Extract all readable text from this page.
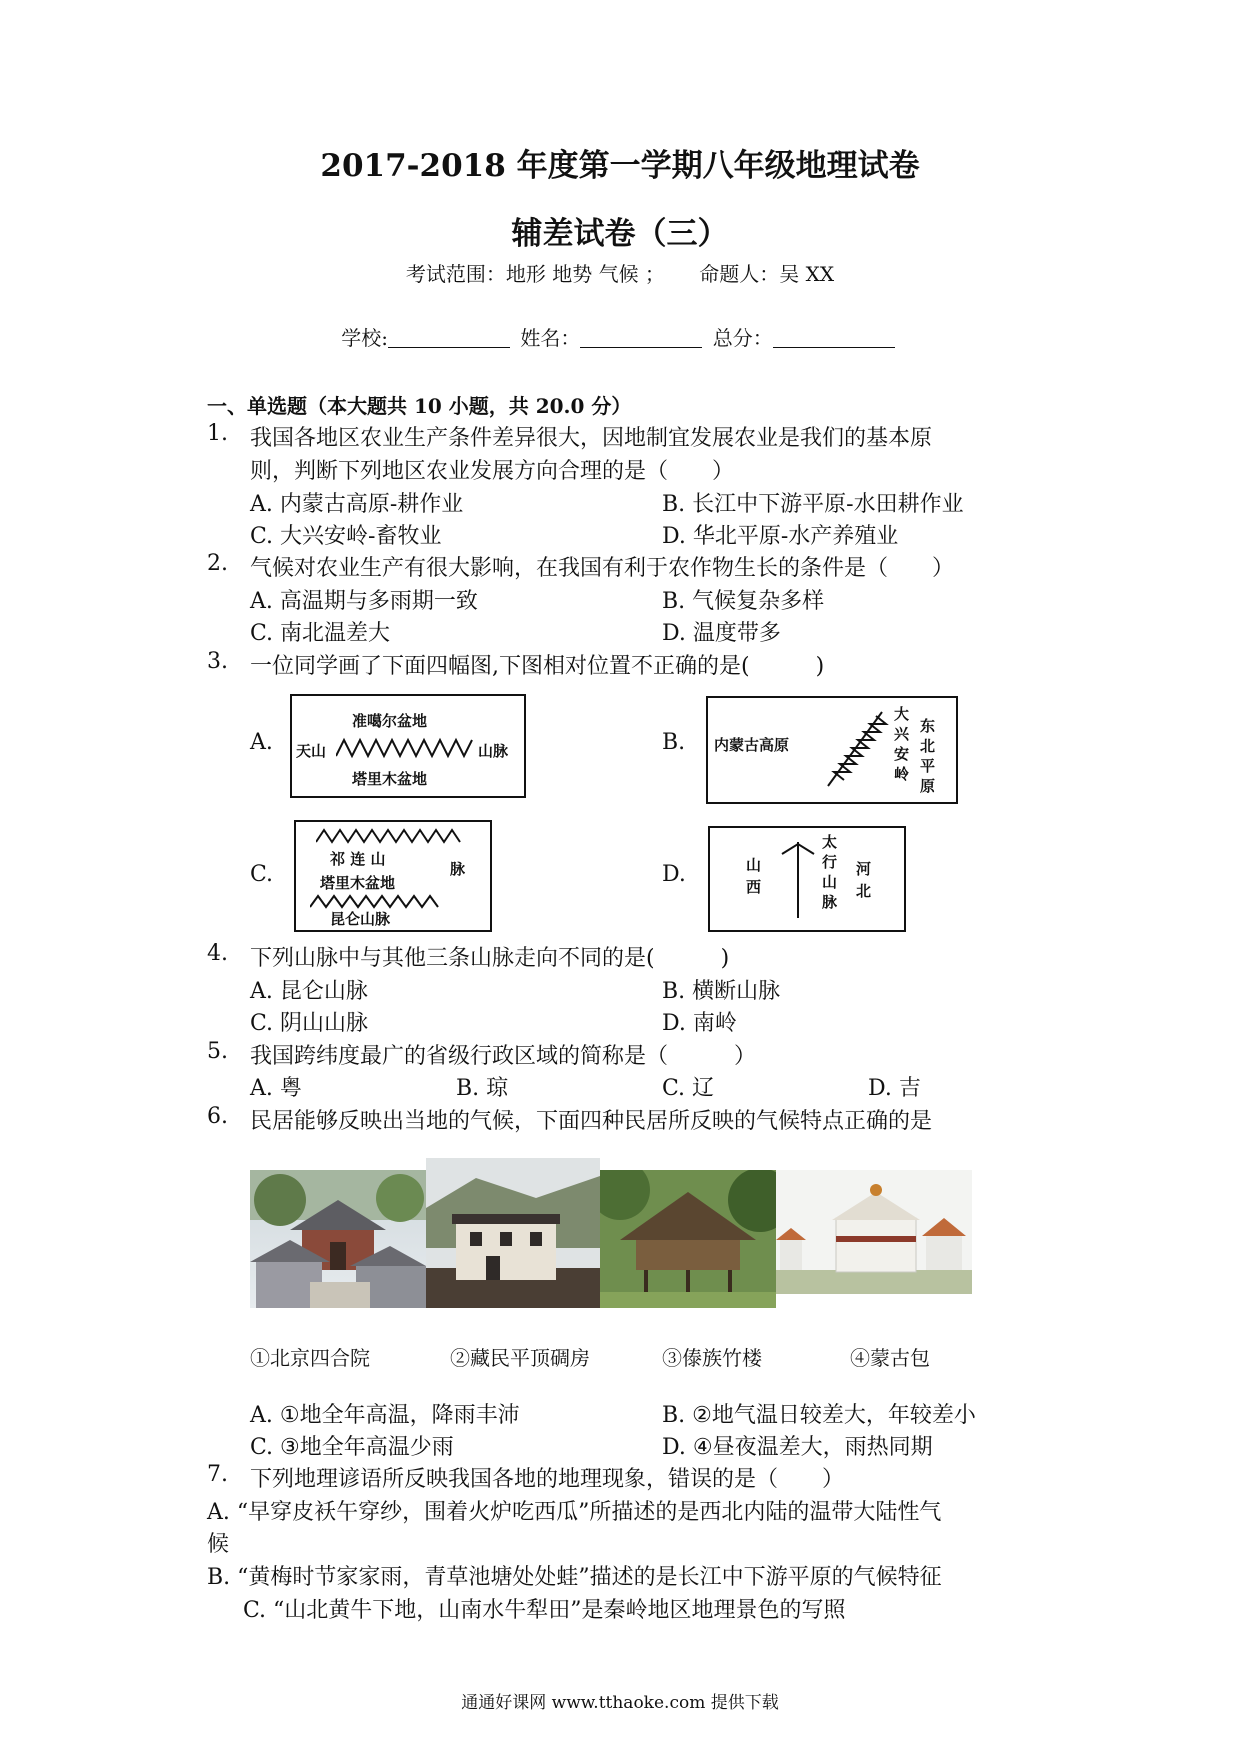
2017-2018 年度第一学期八年级地理试卷
辅差试卷（三）
考试范围：地形 地势 气候 ； 命题人：吴 XX
学校:	姓名：	总分：
一、单选题（本大题共 10 小题，共 20.0 分）
1. 我国各地区农业生产条件差异很大，因地制宜发展农业是我们的基本原
则，判断下列地区农业发展方向合理的是（　　）
A. 内蒙古高原-耕作业	B. 长江中下游平原-水田耕作业
C. 大兴安岭-畜牧业	D. 华北平原-水产养殖业
2. 气候对农业生产有很大影响，在我国有利于农作物生长的条件是（　　）
A. 高温期与多雨期一致	B. 气候复杂多样
C. 南北温差大	D. 温度带多
3. 一位同学画了下面四幅图,下图相对位置不正确的是(　　　)
A.
准噶尔盆地
天山	山脉
塔里木盆地
B. 内蒙古高原
大
兴
安
岭
东
北
平
原
C.
祁 连 山
脉
塔里木盆地
昆仑山脉
D.	山
西
太
行
山
脉
河
北
4. 下列山脉中与其他三条山脉走向不同的是(　　　)
A. 昆仑山脉	B. 横断山脉
C. 阴山山脉	D. 南岭
5. 我国跨纬度最广的省级行政区域的简称是（　　　）
A. 粤	B. 琼	C. 辽	D. 吉
6. 民居能够反映出当地的气候，下面四种民居所反映的气候特点正确的是
①北京四合院	②藏民平顶碉房	③傣族竹楼	④蒙古包
A. ①地全年高温，降雨丰沛	B. ②地气温日较差大，年较差小
C. ③地全年高温少雨	D. ④昼夜温差大，雨热同期
7. 下列地理谚语所反映我国各地的地理现象，错误的是（　　）
A. “早穿皮袄午穿纱，围着火炉吃西瓜”所描述的是西北内陆的温带大陆性气
候
B. “黄梅时节家家雨，青草池塘处处蛙”描述的是长江中下游平原的气候特征
C. “山北黄牛下地，山南水牛犁田”是秦岭地区地理景色的写照
通通好课网 www.tthaoke.com 提供下载
